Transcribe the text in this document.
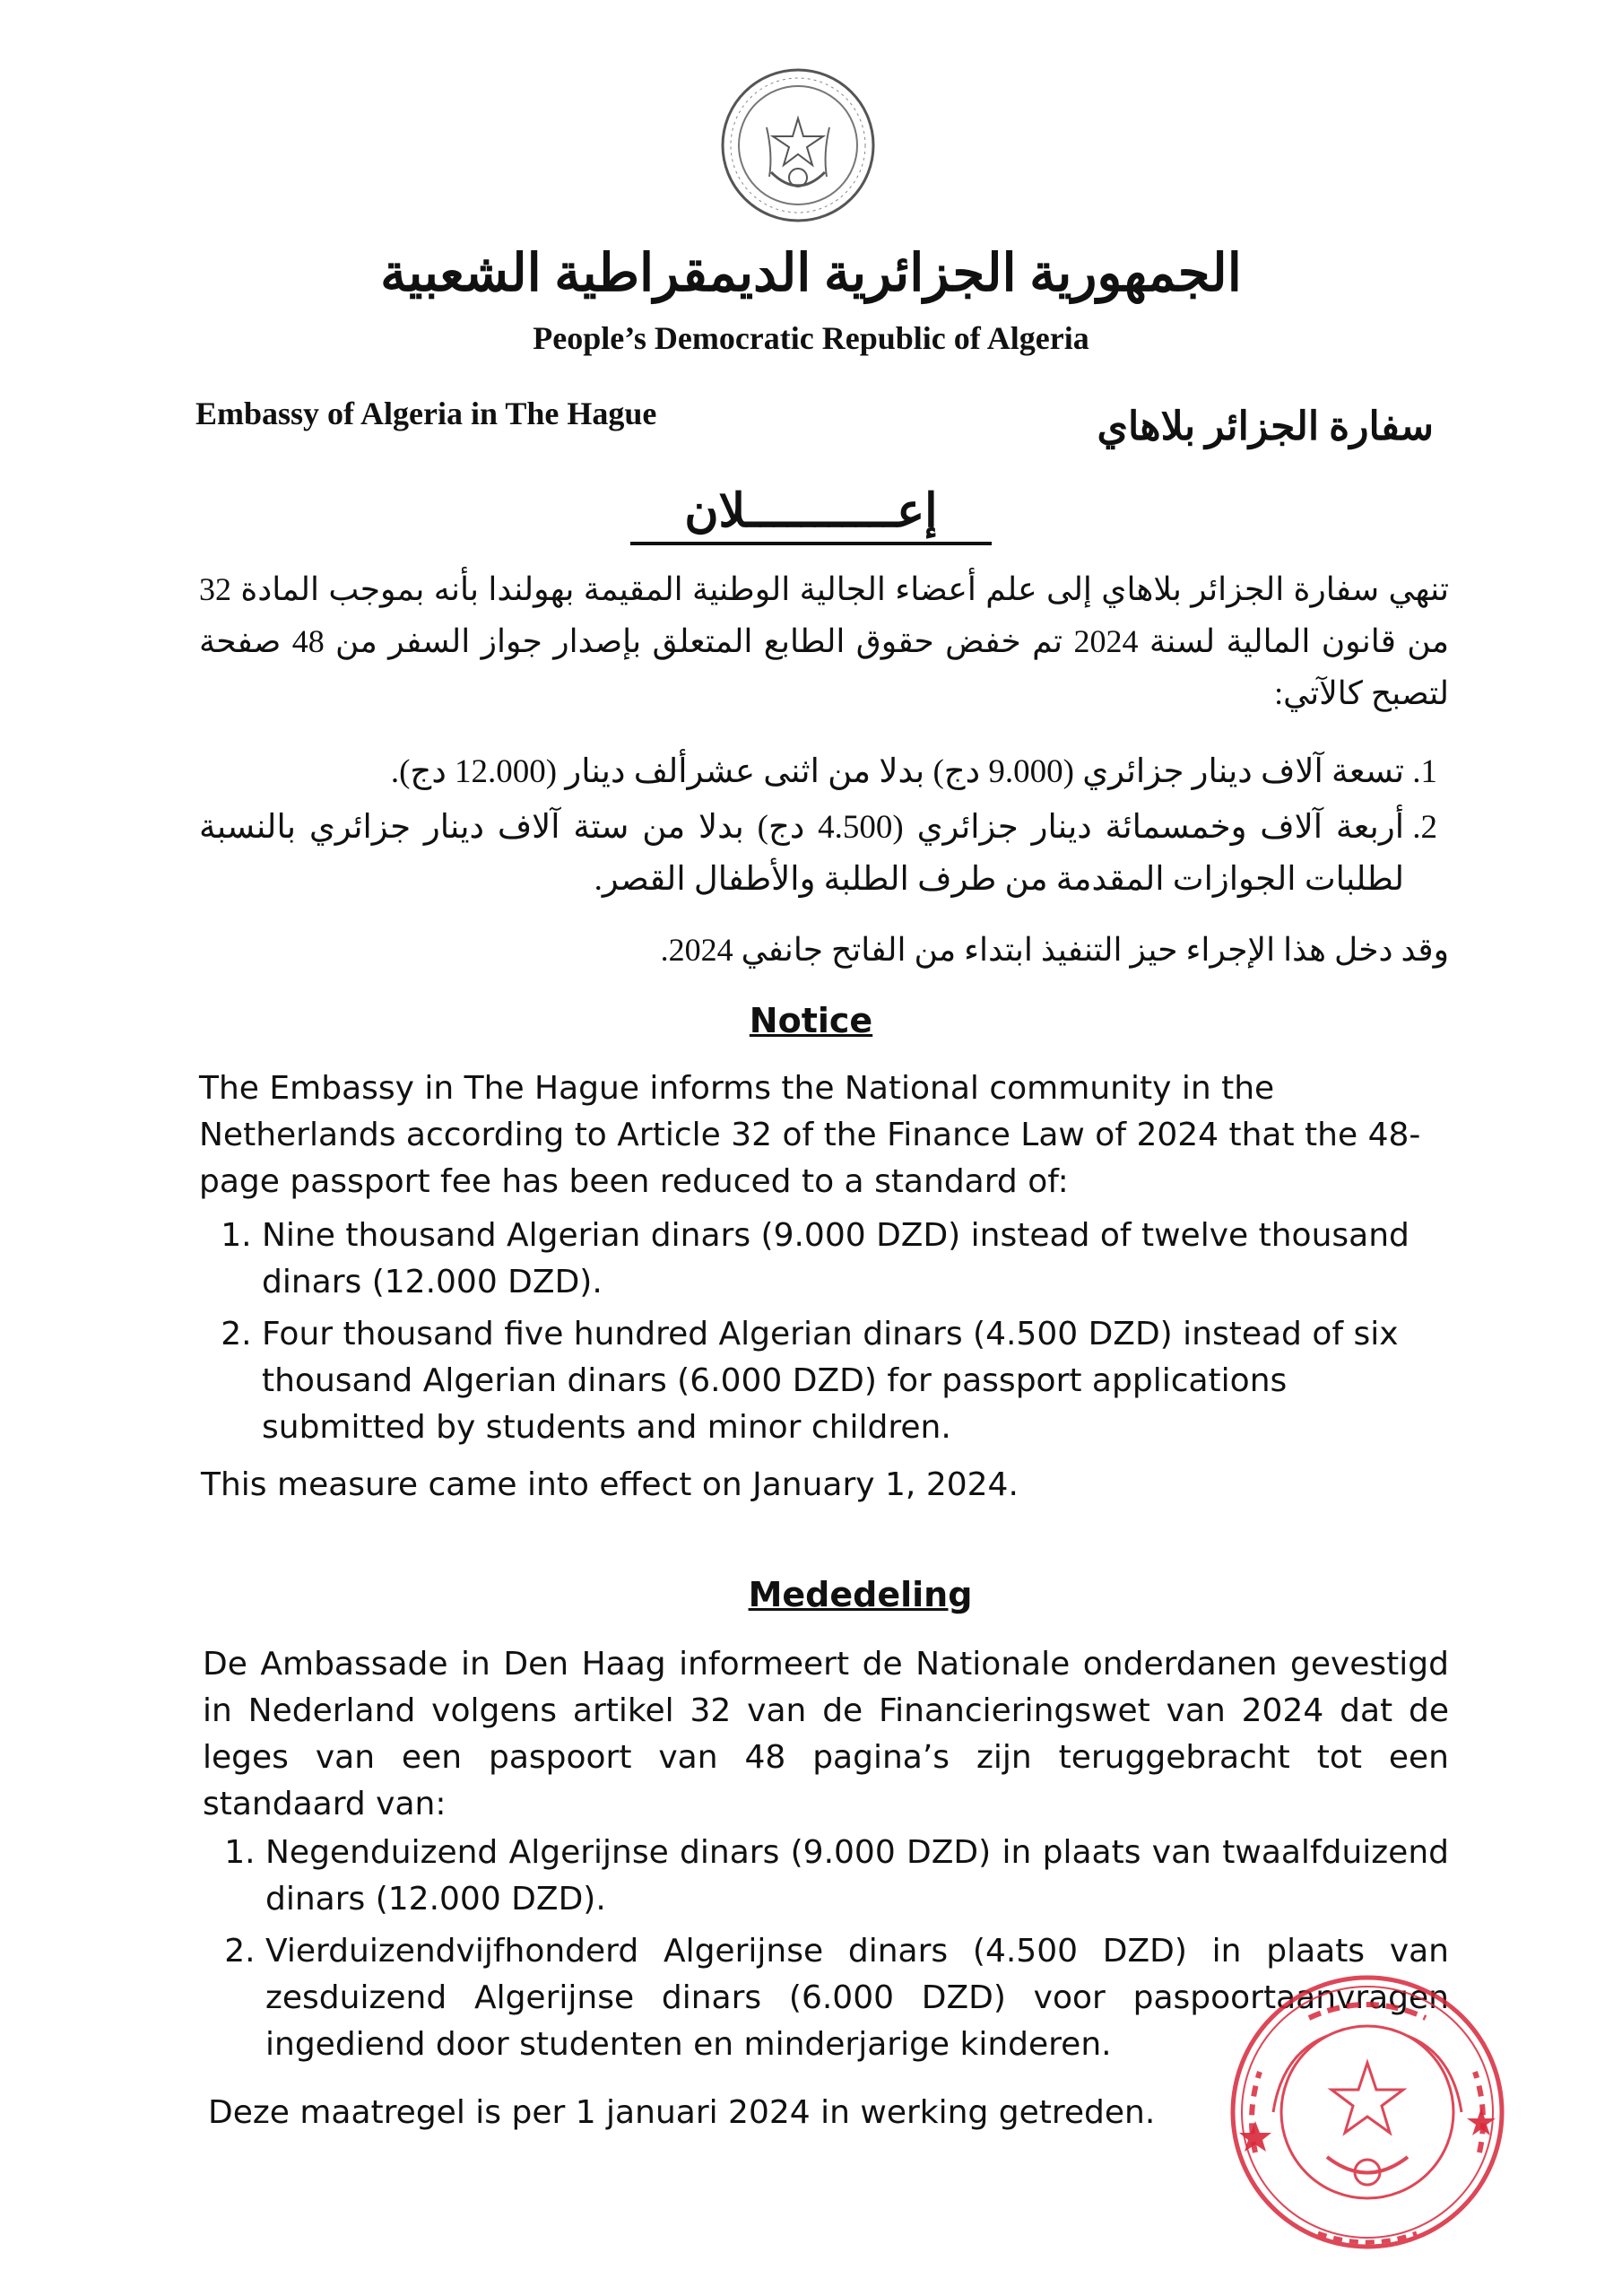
الجمهورية الجزائرية الديمقراطية الشعبية
People’s Democratic Republic of Algeria
Embassy of Algeria in The Hague	سفارة الجزائر بلاهاي
إعـــــــــــلان
تنهي سفارة الجزائر بلاهاي إلى علم أعضاء الجالية الوطنية المقيمة بهولندا بأنه بموجب المادة 32 من قانون المالية لسنة 2024 تم خفض حقوق الطابع المتعلق بإصدار جواز السفر من 48 صفحة لتصبح كالآتي:
1. تسعة آلاف دينار جزائري (9.000 دج) بدلا من اثنى عشرألف دينار (12.000 دج).
2. أربعة آلاف وخمسمائة دينار جزائري (4.500 دج) بدلا من ستة آلاف دينار جزائري بالنسبة لطلبات الجوازات المقدمة من طرف الطلبة والأطفال القصر.
وقد دخل هذا الإجراء حيز التنفيذ ابتداء من الفاتح جانفي 2024.
Notice
The Embassy in The Hague informs the National community in the Netherlands according to Article 32 of the Finance Law of 2024 that the 48-page passport fee has been reduced to a standard of:
1. Nine thousand Algerian dinars (9.000 DZD) instead of twelve thousand dinars (12.000 DZD).
2. Four thousand five hundred Algerian dinars (4.500 DZD) instead of six thousand Algerian dinars (6.000 DZD) for passport applications submitted by students and minor children.
This measure came into effect on January 1, 2024.
Mededeling
De Ambassade in Den Haag informeert de Nationale onderdanen gevestigd in Nederland volgens artikel 32 van de Financieringswet van 2024 dat de leges van een paspoort van 48 pagina’s zijn teruggebracht tot een standaard van:
1. Negenduizend Algerijnse dinars (9.000 DZD) in plaats van twaalfduizend dinars (12.000 DZD).
2. Vierduizendvijfhonderd Algerijnse dinars (4.500 DZD) in plaats van zesduizend Algerijnse dinars (6.000 DZD) voor paspoortaanvragen ingediend door studenten en minderjarige kinderen.
Deze maatregel is per 1 januari 2024 in werking getreden.
